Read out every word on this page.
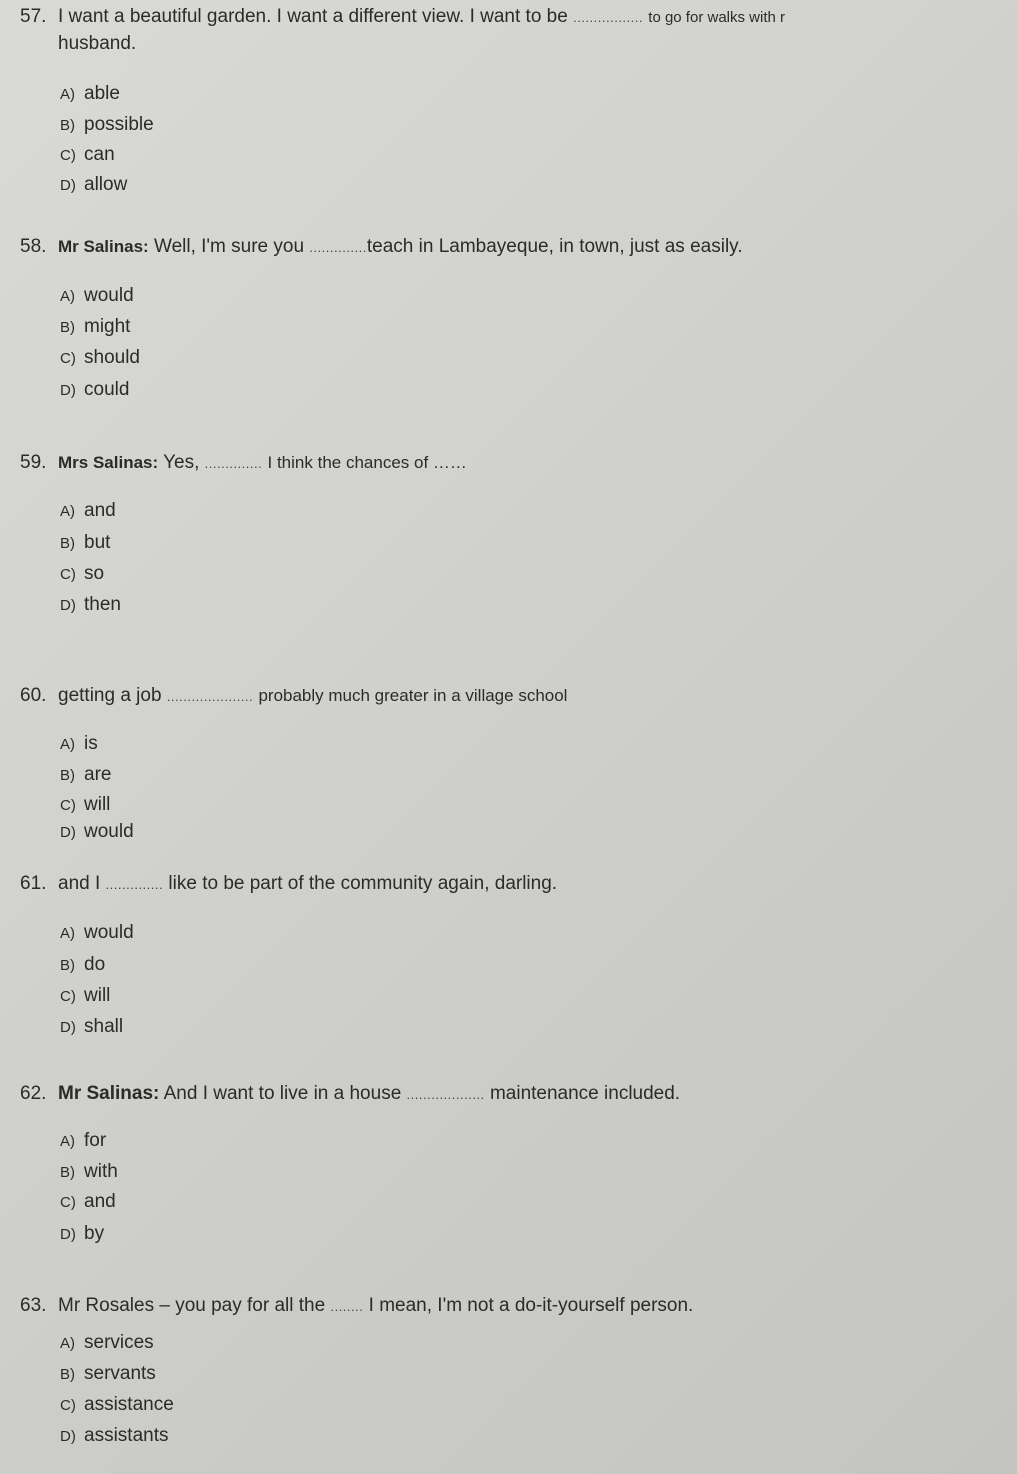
57. I want a beautiful garden. I want a different view. I want to be ................. to go for walks with r
husband.
A) able
B) possible
C) can
D) allow
58. Mr Salinas: Well, I'm sure you ..............teach in Lambayeque, in town, just as easily.
A) would
B) might
C) should
D) could
59. Mrs Salinas: Yes, .............. I think the chances of ……
A) and
B) but
C) so
D) then
60. getting a job ..................... probably much greater in a village school
A) is
B) are
C) will
D) would
61. and I .............. like to be part of the community again, darling.
A) would
B) do
C) will
D) shall
62. Mr Salinas: And I want to live in a house ................... maintenance included.
A) for
B) with
C) and
D) by
63. Mr Rosales – you pay for all the ........ I mean, I'm not a do-it-yourself person.
A) services
B) servants
C) assistance
D) assistants
